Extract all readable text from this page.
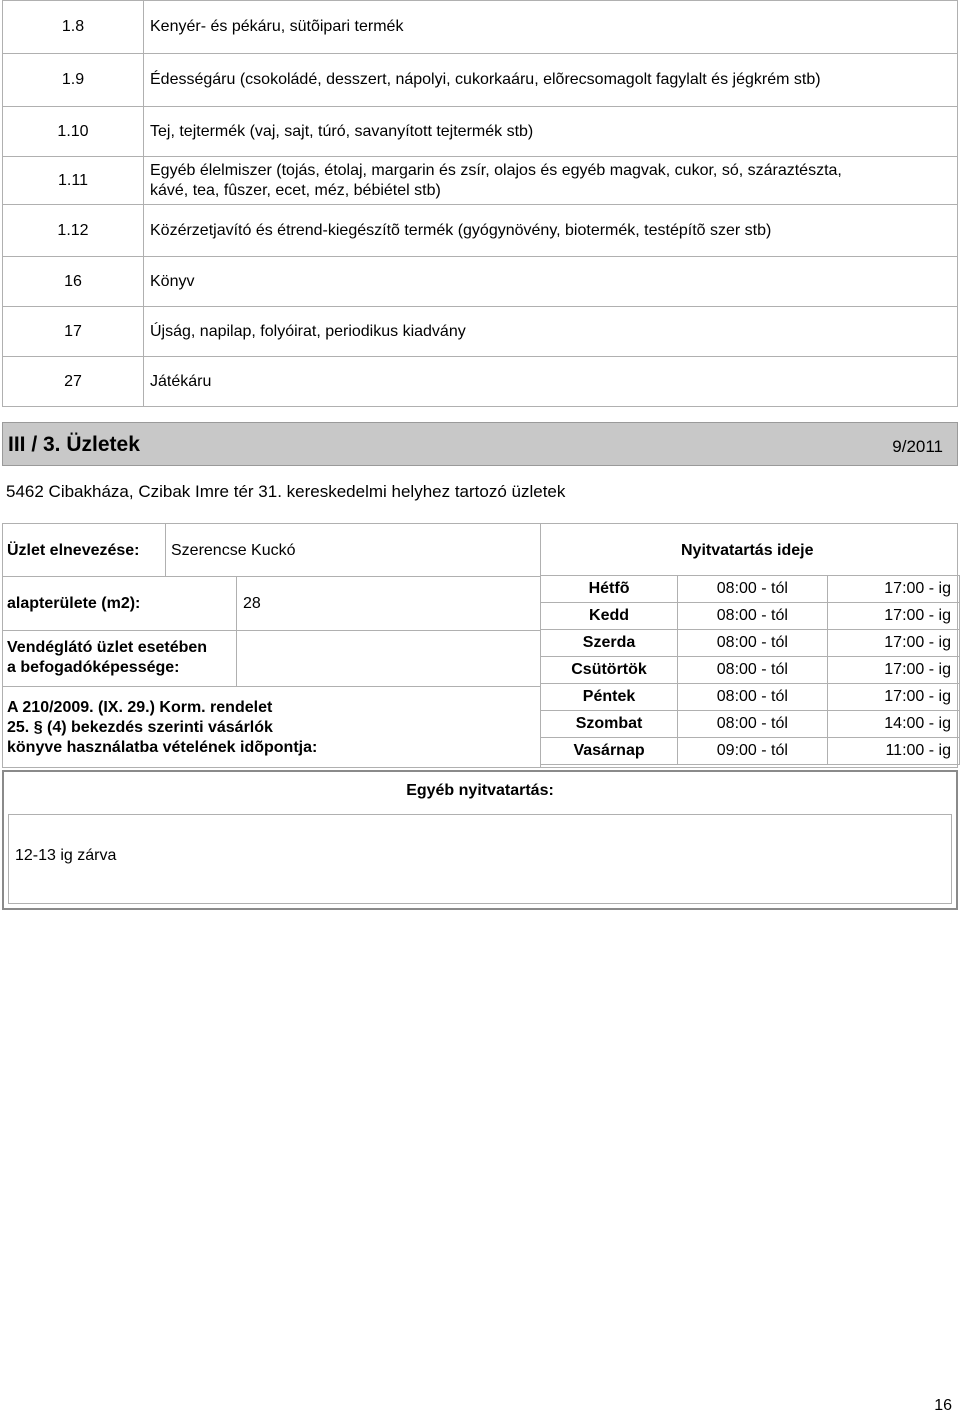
1.8	Kenyér- és pékáru, sütõipari termék
1.9	Édességáru (csokoládé, desszert, nápolyi, cukorkaáru, elõrecsomagolt fagylalt és jégkrém stb)
1.10	Tej, tejtermék (vaj, sajt, túró, savanyított tejtermék stb)
1.11	Egyéb élelmiszer (tojás, étolaj, margarin és zsír, olajos és egyéb magvak, cukor, só, száraztészta,
kávé, tea, fûszer, ecet, méz, bébiétel stb)

1.12	Közérzetjavító és étrend-kiegészítõ termék (gyógynövény, biotermék, testépítõ szer stb)
16	Könyv
17	Újság, napilap, folyóirat, periodikus kiadvány
27	Játékáru
III / 3. Üzletek	9/2011
5462 Cibakháza, Czibak Imre tér 31. kereskedelmi helyhez tartozó üzletek
Üzlet elnevezése: Szerencse Kuckó	Nyitvatartás ideje
alapterülete (m2):	28
Vendéglátó üzlet esetében
a befogadóképessége:
A 210/2009. (IX. 29.) Korm. rendelet
25. § (4) bekezdés szerinti vásárlók
könyve használatba vételének idõpontja:
Hétfõ	08:00 - tól	17:00 - ig
Kedd	08:00 - tól	17:00 - ig
Szerda	08:00 - tól	17:00 - ig
Csütörtök	08:00 - tól	17:00 - ig
Péntek	08:00 - tól	17:00 - ig
Szombat	08:00 - tól	14:00 - ig
Vasárnap	09:00 - tól	11:00 - ig
Egyéb nyitvatartás:
12-13 ig zárva
16
